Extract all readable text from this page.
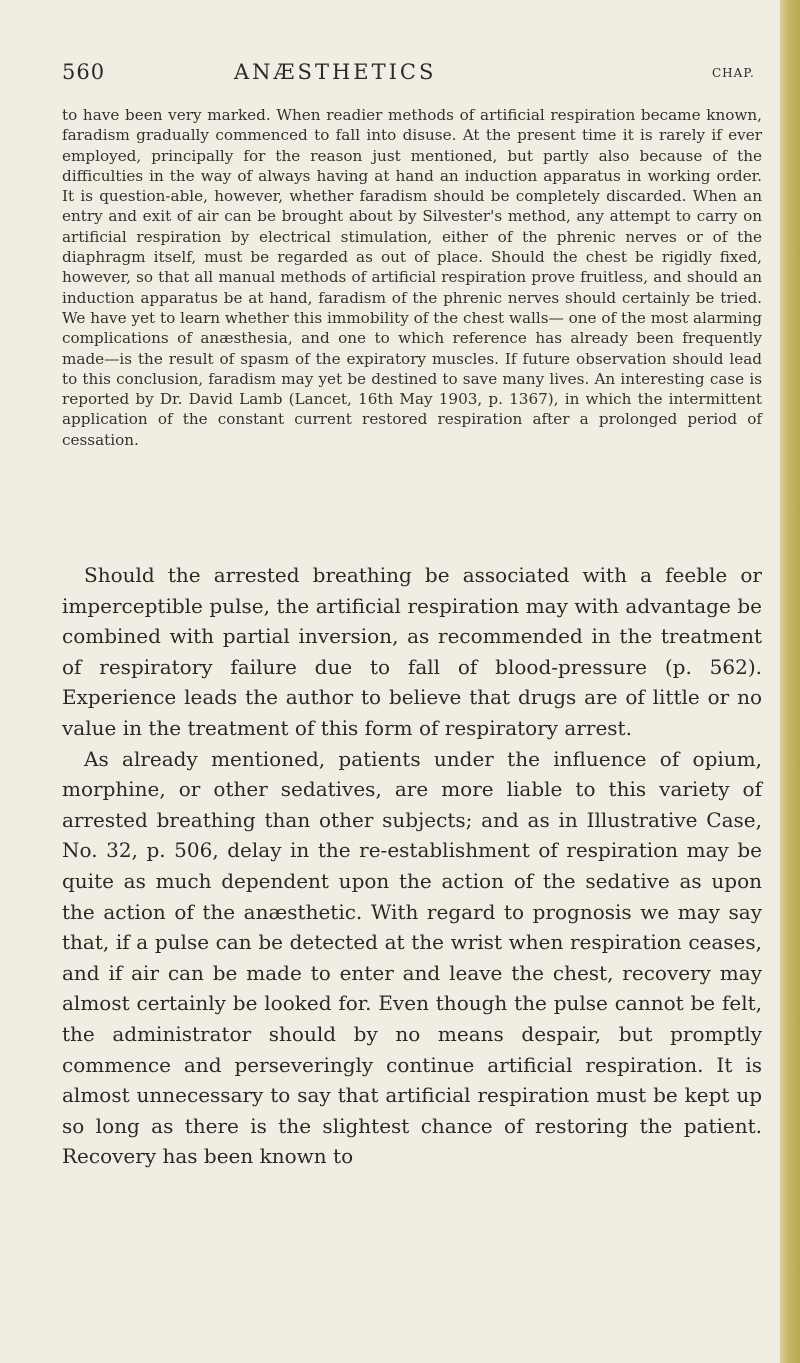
560	ANÆSTHETICS	CHAP.

to have been very marked. When readier methods of artificial respiration became known, faradism gradually commenced to fall into disuse. At the present time it is rarely if ever employed, principally for the reason just mentioned, but partly also because of the difficulties in the way of always having at hand an induction apparatus in working order. It is question-able, however, whether faradism should be completely discarded. When an entry and exit of air can be brought about by Silvester's method, any attempt to carry on artificial respiration by electrical stimulation, either of the phrenic nerves or of the diaphragm itself, must be regarded as out of place. Should the chest be rigidly fixed, however, so that all manual methods of artificial respiration prove fruitless, and should an induction apparatus be at hand, faradism of the phrenic nerves should certainly be tried. We have yet to learn whether this immobility of the chest walls— one of the most alarming complications of anæsthesia, and one to which reference has already been frequently made—is the result of spasm of the expiratory muscles. If future observation should lead to this conclusion, faradism may yet be destined to save many lives. An interesting case is reported by Dr. David Lamb (Lancet, 16th May 1903, p. 1367), in which the intermittent application of the constant current restored respiration after a prolonged period of cessation.

Should the arrested breathing be associated with a feeble or imperceptible pulse, the artificial respiration may with advantage be combined with partial inversion, as recommended in the treatment of respiratory failure due to fall of blood-pressure (p. 562). Experience leads the author to believe that drugs are of little or no value in the treatment of this form of respiratory arrest.

As already mentioned, patients under the influence of opium, morphine, or other sedatives, are more liable to this variety of arrested breathing than other subjects; and as in Illustrative Case, No. 32, p. 506, delay in the re-establishment of respiration may be quite as much dependent upon the action of the sedative as upon the action of the anæsthetic. With regard to prognosis we may say that, if a pulse can be detected at the wrist when respiration ceases, and if air can be made to enter and leave the chest, recovery may almost certainly be looked for. Even though the pulse cannot be felt, the administrator should by no means despair, but promptly commence and perseveringly continue artificial respiration. It is almost unnecessary to say that artificial respiration must be kept up so long as there is the slightest chance of restoring the patient. Recovery has been known to
